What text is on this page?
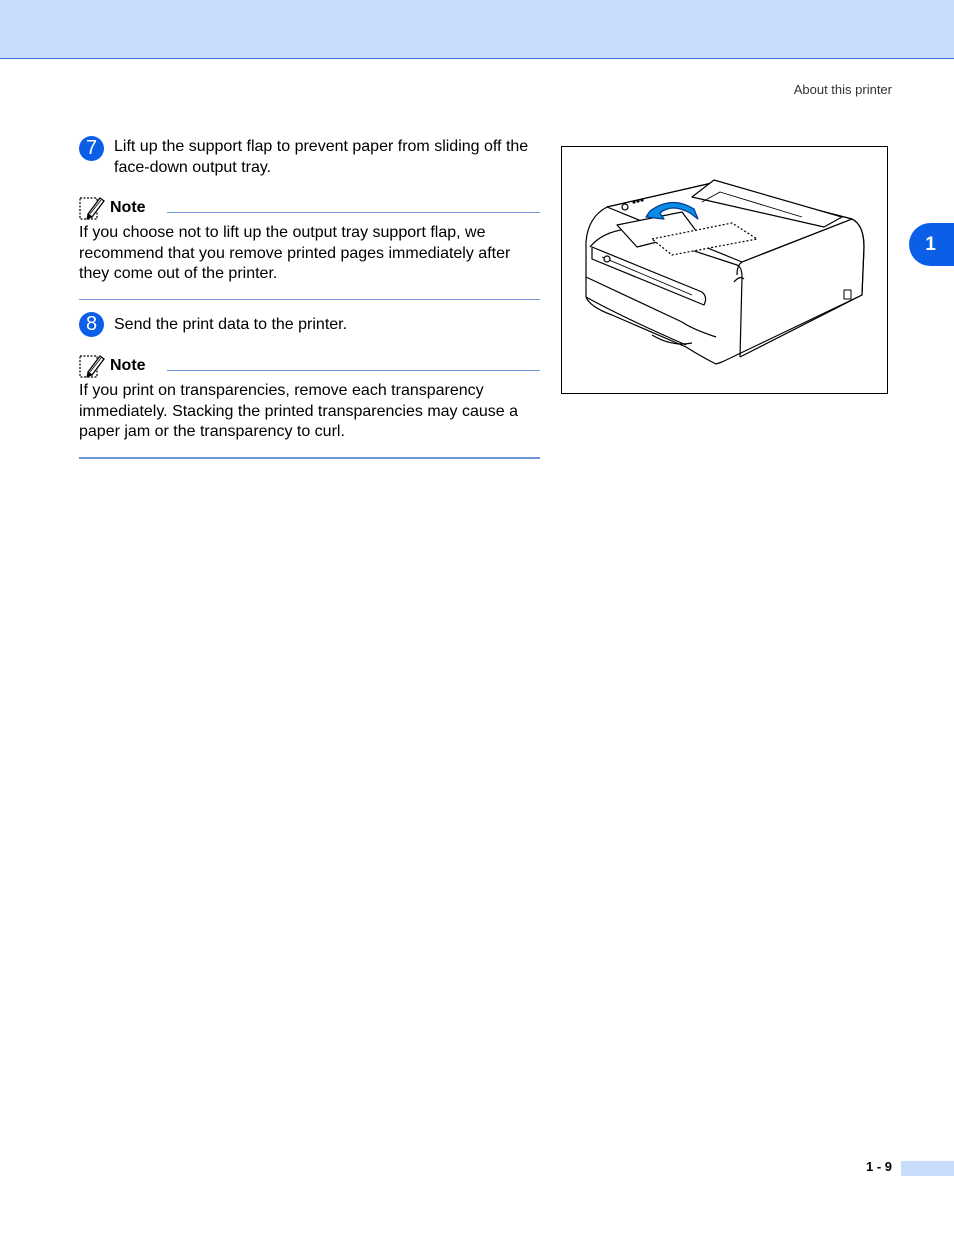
About this printer
1
7	Lift up the support flap to prevent paper from sliding off the face-down output tray.
Note
If you choose not to lift up the output tray support flap, we recommend that you remove printed pages immediately after they come out of the printer.
8	Send the print data to the printer.
Note
If you print on transparencies, remove each transparency immediately. Stacking the printed transparencies may cause a paper jam or the transparency to curl.
1 - 9
